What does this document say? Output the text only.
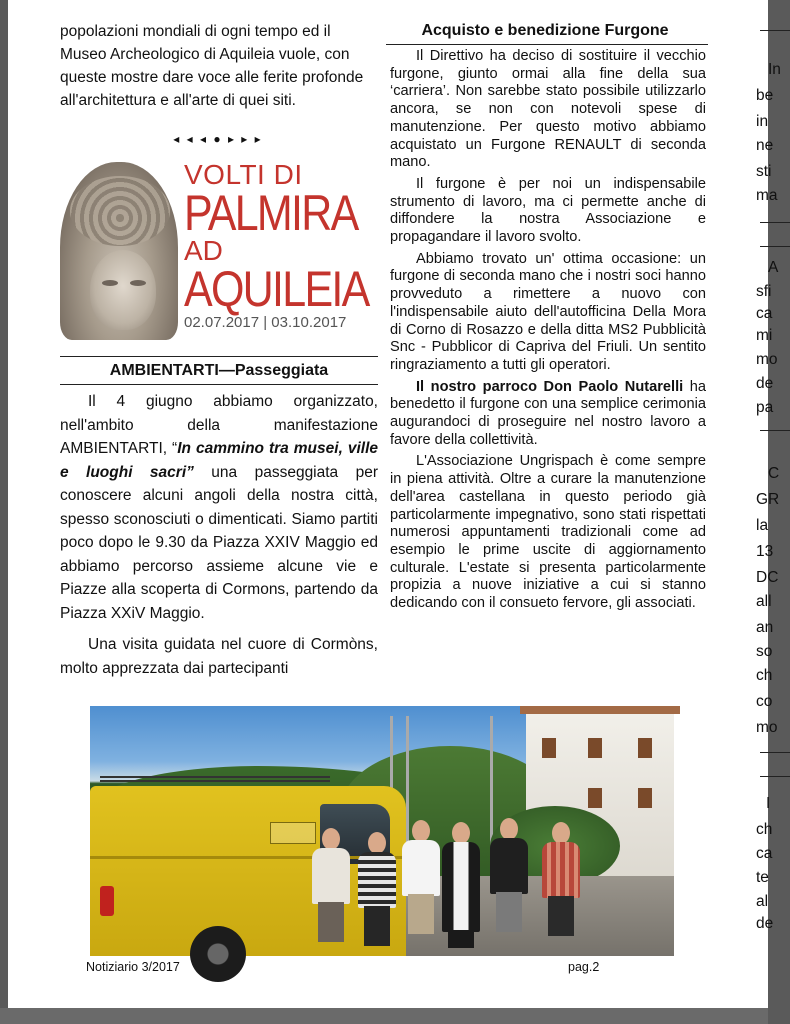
popolazioni mondiali di ogni tempo ed il Museo Archeologico di Aquileia vuole, con queste mostre dare voce alle ferite profonde all'architettura e all'arte di quei siti.
◂ ◂ ◂ ● ▸ ▸ ▸
VOLTI DI
PALMIRA
AD
AQUILEIA
02.07.2017 | 03.10.2017
AMBIENTARTI—Passeggiata

Il 4 giugno abbiamo organizzato, nell'ambito della manifestazione AMBIENTARTI, “In cammino tra musei, ville e luoghi sacri” una passeggiata per conoscere alcuni angoli della nostra città, spesso sconosciuti o dimenticati. Siamo partiti poco dopo le 9.30 da Piazza XXIV Maggio ed abbiamo percorso assieme alcune vie e Piazze alla scoperta di Cormons, partendo da Piazza XXiV Maggio.

Una visita guidata nel cuore di Cormòns, molto apprezzata dai partecipanti

Acquisto e benedizione Furgone

Il Direttivo ha deciso di sostituire il vecchio furgone, giunto ormai alla fine della sua ‘carriera’. Non sarebbe stato possibile utilizzarlo ancora, se non con notevoli spese di manutenzione. Per questo motivo abbiamo acquistato un Furgone RENAULT di seconda mano.

Il furgone è per noi un indispensabile strumento di lavoro, ma ci permette anche di diffondere la nostra Associazione e propagandare il lavoro svolto.

Abbiamo trovato un' ottima occasione: un furgone di seconda mano che i nostri soci hanno provveduto a rimettere a nuovo con l'indispensabile aiuto dell'autofficina Della Mora di Corno di Rosazzo e della ditta MS2 Pubblicità Snc - Pubblicor di Capriva del Friuli. Un sentito ringraziamento a tutti gli operatori.

Il nostro parroco Don Paolo Nutarelli ha benedetto il furgone con una semplice cerimonia augurandoci di proseguire nel nostro lavoro a favore della collettività.

L'Associazione Ungrispach è come sempre in piena attività. Oltre a curare la manutenzione dell'area castellana in questo periodo già particolarmente impegnativo, sono stati rispettati numerosi appuntamenti tradizionali come ad esempio le prime uscite di aggiornamento culturale. L'estate si presenta particolarmente propizia a nuove iniziative a cui si stanno dedicando con il consueto fervore, gli associati.

In
be
in
ne
sti
ma
A
sfi
ca
mi
mo
de
pa
C
GR
la
13
DC
all
an
so
ch
co
mo
I
ch
ca
te
al
de
Notiziario 3/2017	pag.2
